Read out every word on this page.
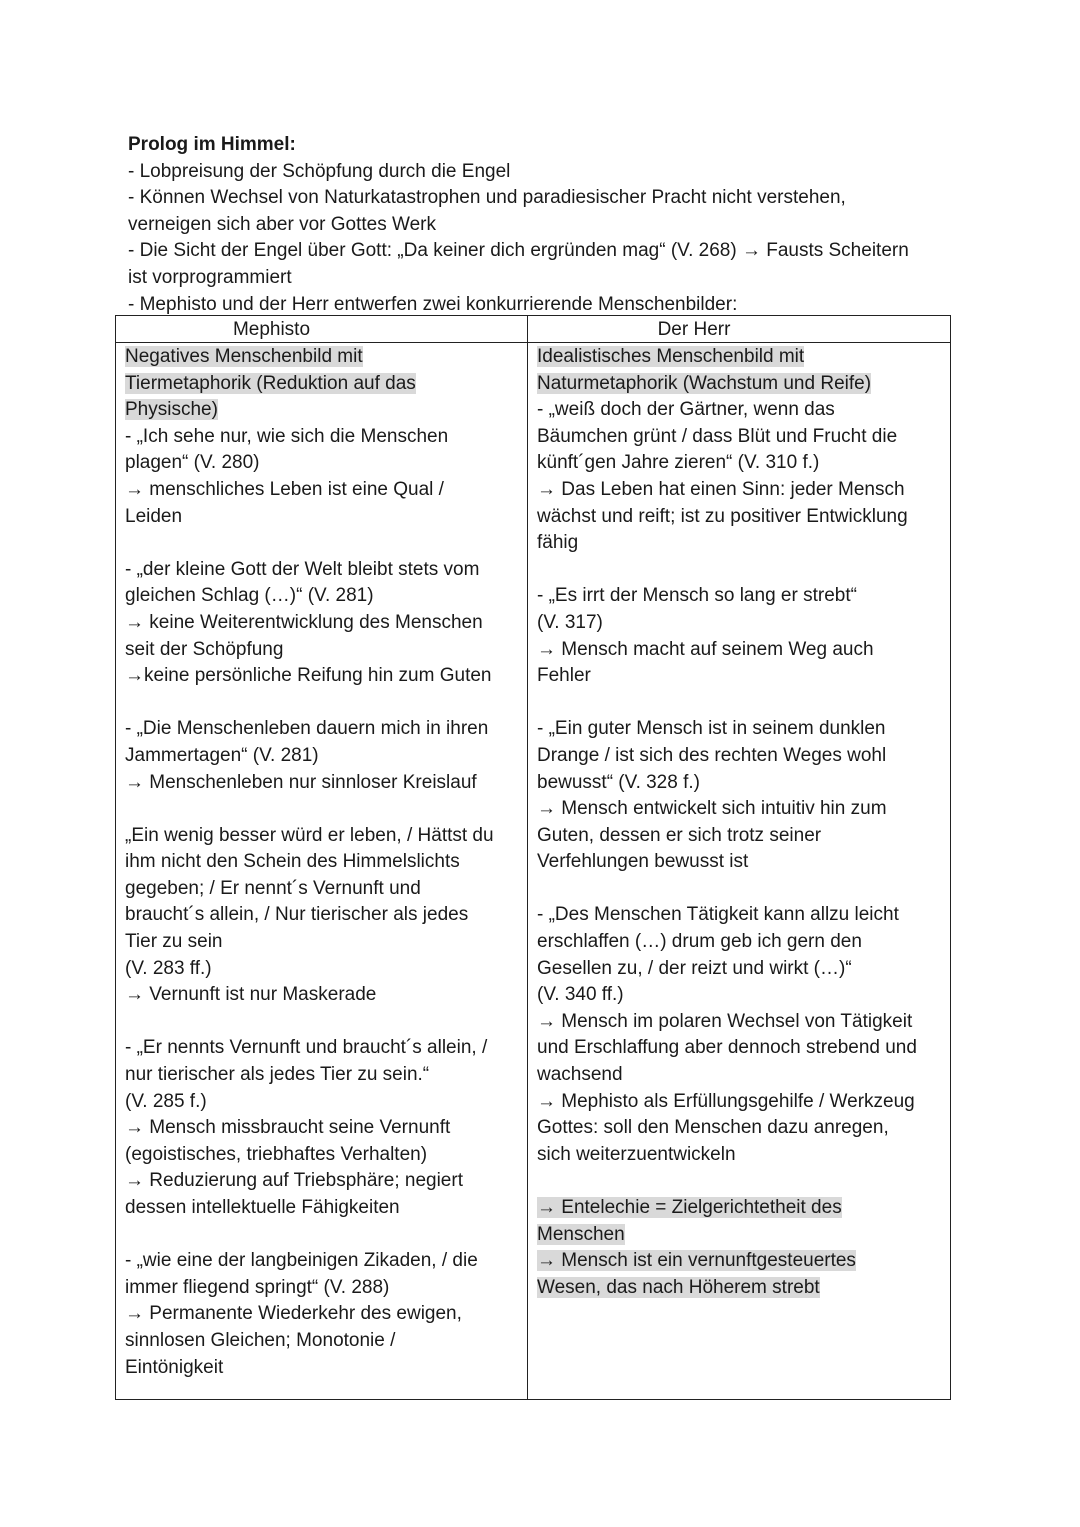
Prolog im Himmel:
- Lobpreisung der Schöpfung durch die Engel
- Können Wechsel von Naturkatastrophen und paradiesischer Pracht nicht verstehen,
verneigen sich aber vor Gottes Werk
- Die Sicht der Engel über Gott: „Da keiner dich ergründen mag“ (V. 268) → Fausts Scheitern
ist vorprogrammiert
- Mephisto und der Herr entwerfen zwei konkurrierende Menschenbilder:
Mephisto	Der Herr
Negatives Menschenbild mit
Tiermetaphorik (Reduktion auf das
Physische)
- „Ich sehe nur, wie sich die Menschen
plagen“ (V. 280)
→ menschliches Leben ist eine Qual /
Leiden
- „der kleine Gott der Welt bleibt stets vom
gleichen Schlag (…)“ (V. 281)
→ keine Weiterentwicklung des Menschen
seit der Schöpfung
→keine persönliche Reifung hin zum Guten
- „Die Menschenleben dauern mich in ihren
Jammertagen“ (V. 281)
→ Menschenleben nur sinnloser Kreislauf
„Ein wenig besser würd er leben, / Hättst du
ihm nicht den Schein des Himmelslichts
gegeben; / Er nennt´s Vernunft und
braucht´s allein, / Nur tierischer als jedes
Tier zu sein
(V. 283 ff.)
→ Vernunft ist nur Maskerade
- „Er nennts Vernunft und braucht´s allein, /
nur tierischer als jedes Tier zu sein.“
(V. 285 f.)
→ Mensch missbraucht seine Vernunft
(egoistisches, triebhaftes Verhalten)
→ Reduzierung auf Triebsphäre; negiert
dessen intellektuelle Fähigkeiten
- „wie eine der langbeinigen Zikaden, / die
immer fliegend springt“ (V. 288)
→ Permanente Wiederkehr des ewigen,
sinnlosen Gleichen; Monotonie /
Eintönigkeit
Idealistisches Menschenbild mit
Naturmetaphorik (Wachstum und Reife)
- „weiß doch der Gärtner, wenn das
Bäumchen grünt / dass Blüt und Frucht die
künft´gen Jahre zieren“ (V. 310 f.)
→ Das Leben hat einen Sinn: jeder Mensch
wächst und reift; ist zu positiver Entwicklung
fähig
- „Es irrt der Mensch so lang er strebt“
(V. 317)
→ Mensch macht auf seinem Weg auch
Fehler
- „Ein guter Mensch ist in seinem dunklen
Drange / ist sich des rechten Weges wohl
bewusst“ (V. 328 f.)
→ Mensch entwickelt sich intuitiv hin zum
Guten, dessen er sich trotz seiner
Verfehlungen bewusst ist
- „Des Menschen Tätigkeit kann allzu leicht
erschlaffen (…) drum geb ich gern den
Gesellen zu, / der reizt und wirkt (…)“
(V. 340 ff.)
→ Mensch im polaren Wechsel von Tätigkeit
und Erschlaffung aber dennoch strebend und
wachsend
→ Mephisto als Erfüllungsgehilfe / Werkzeug
Gottes: soll den Menschen dazu anregen,
sich weiterzuentwickeln
→ Entelechie = Zielgerichtetheit des
Menschen
→ Mensch ist ein vernunftgesteuertes
Wesen, das nach Höherem strebt
